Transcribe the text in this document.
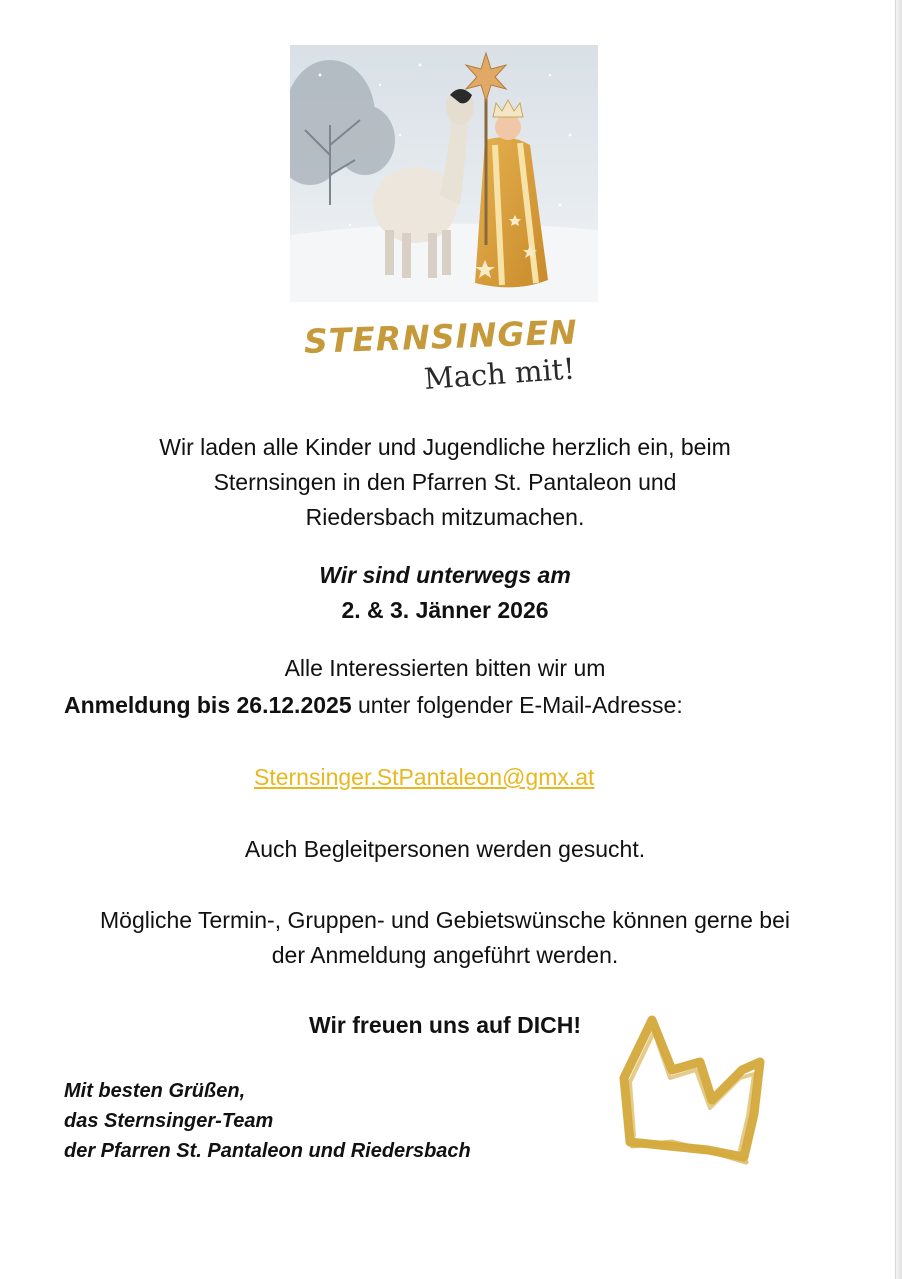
STERNSINGEN
Mach mit!
Wir laden alle Kinder und Jugendliche herzlich ein, beim
Sternsingen in den Pfarren St. Pantaleon und
Riedersbach mitzumachen.
Wir sind unterwegs am
2. & 3. Jänner 2026
Alle Interessierten bitten wir um
Anmeldung bis 26.12.2025 unter folgender E-Mail-Adresse:
Sternsinger.StPantaleon@gmx.at
Auch Begleitpersonen werden gesucht.
Mögliche Termin-, Gruppen- und Gebietswünsche können gerne bei
der Anmeldung angeführt werden.
Wir freuen uns auf DICH!
Mit besten Grüßen,
das Sternsinger-Team
der Pfarren St. Pantaleon und Riedersbach
